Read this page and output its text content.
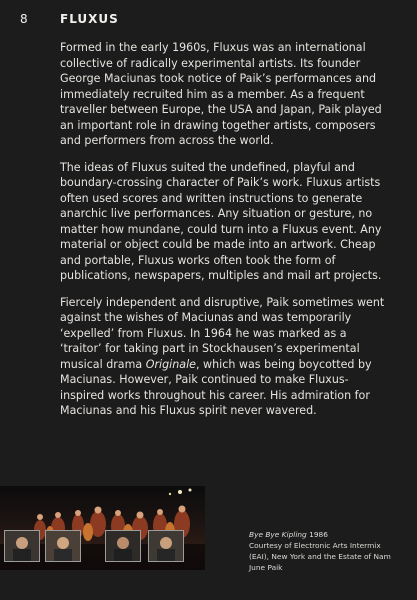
8	FLUXUS

Formed in the early 1960s, Fluxus was an international collective of radically experimental artists. Its founder George Maciunas took notice of Paik’s performances and immediately recruited him as a member. As a frequent traveller between Europe, the USA and Japan, Paik played an important role in drawing together artists, composers and performers from across the world.

The ideas of Fluxus suited the undefined, playful and boundary-crossing character of Paik’s work. Fluxus artists often used scores and written instructions to generate anarchic live performances. Any situation or gesture, no matter how mundane, could turn into a Fluxus event. Any material or object could be made into an artwork. Cheap and portable, Fluxus works often took the form of publications, newspapers, multiples and mail art projects.

Fiercely independent and disruptive, Paik sometimes went against the wishes of Maciunas and was temporarily ‘expelled’ from Fluxus. In 1964 he was marked as a ‘traitor’ for taking part in Stockhausen’s experimental musical drama Originale, which was being boycotted by Maciunas. However, Paik continued to make Fluxus-inspired works throughout his career. His admiration for Maciunas and his Fluxus spirit never wavered.

Bye Bye Kipling 1986
Courtesy of Electronic Arts Intermix (EAI), New York and the Estate of Nam June Paik
